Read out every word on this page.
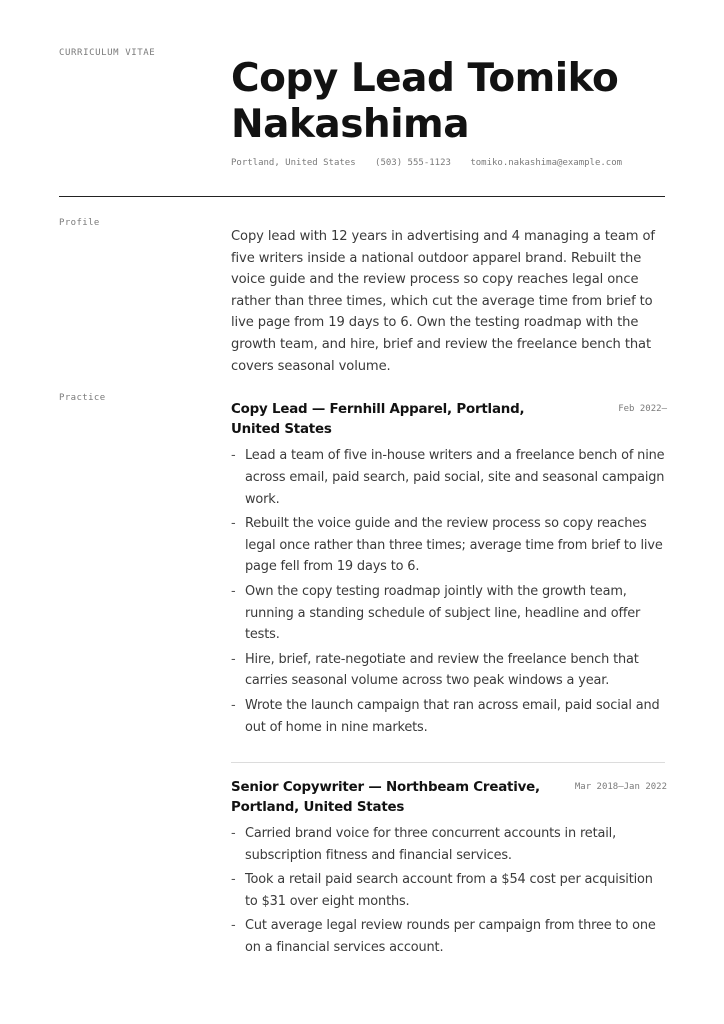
CURRICULUM VITAE
Copy Lead Tomiko Nakashima
Portland, United States (503) 555-1123 tomiko.nakashima@example.com
Profile

Copy lead with 12 years in advertising and 4 managing a team of five writers inside a national outdoor apparel brand. Rebuilt the voice guide and the review process so copy reaches legal once rather than three times, which cut the average time from brief to live page from 19 days to 6. Own the testing roadmap with the growth team, and hire, brief and review the freelance bench that covers seasonal volume.

Practice
Copy Lead — Fernhill Apparel, Portland, United States
Feb 2022–
- Lead a team of five in-house writers and a freelance bench of nine across email, paid search, paid social, site and seasonal campaign work.
- Rebuilt the voice guide and the review process so copy reaches legal once rather than three times; average time from brief to live page fell from 19 days to 6.
- Own the copy testing roadmap jointly with the growth team, running a standing schedule of subject line, headline and offer tests.
- Hire, brief, rate-negotiate and review the freelance bench that carries seasonal volume across two peak windows a year.
- Wrote the launch campaign that ran across email, paid social and out of home in nine markets.
Senior Copywriter — Northbeam Creative, Portland, United States
Mar 2018–Jan 2022
- Carried brand voice for three concurrent accounts in retail, subscription fitness and financial services.
- Took a retail paid search account from a $54 cost per acquisition to $31 over eight months.
- Cut average legal review rounds per campaign from three to one on a financial services account.
